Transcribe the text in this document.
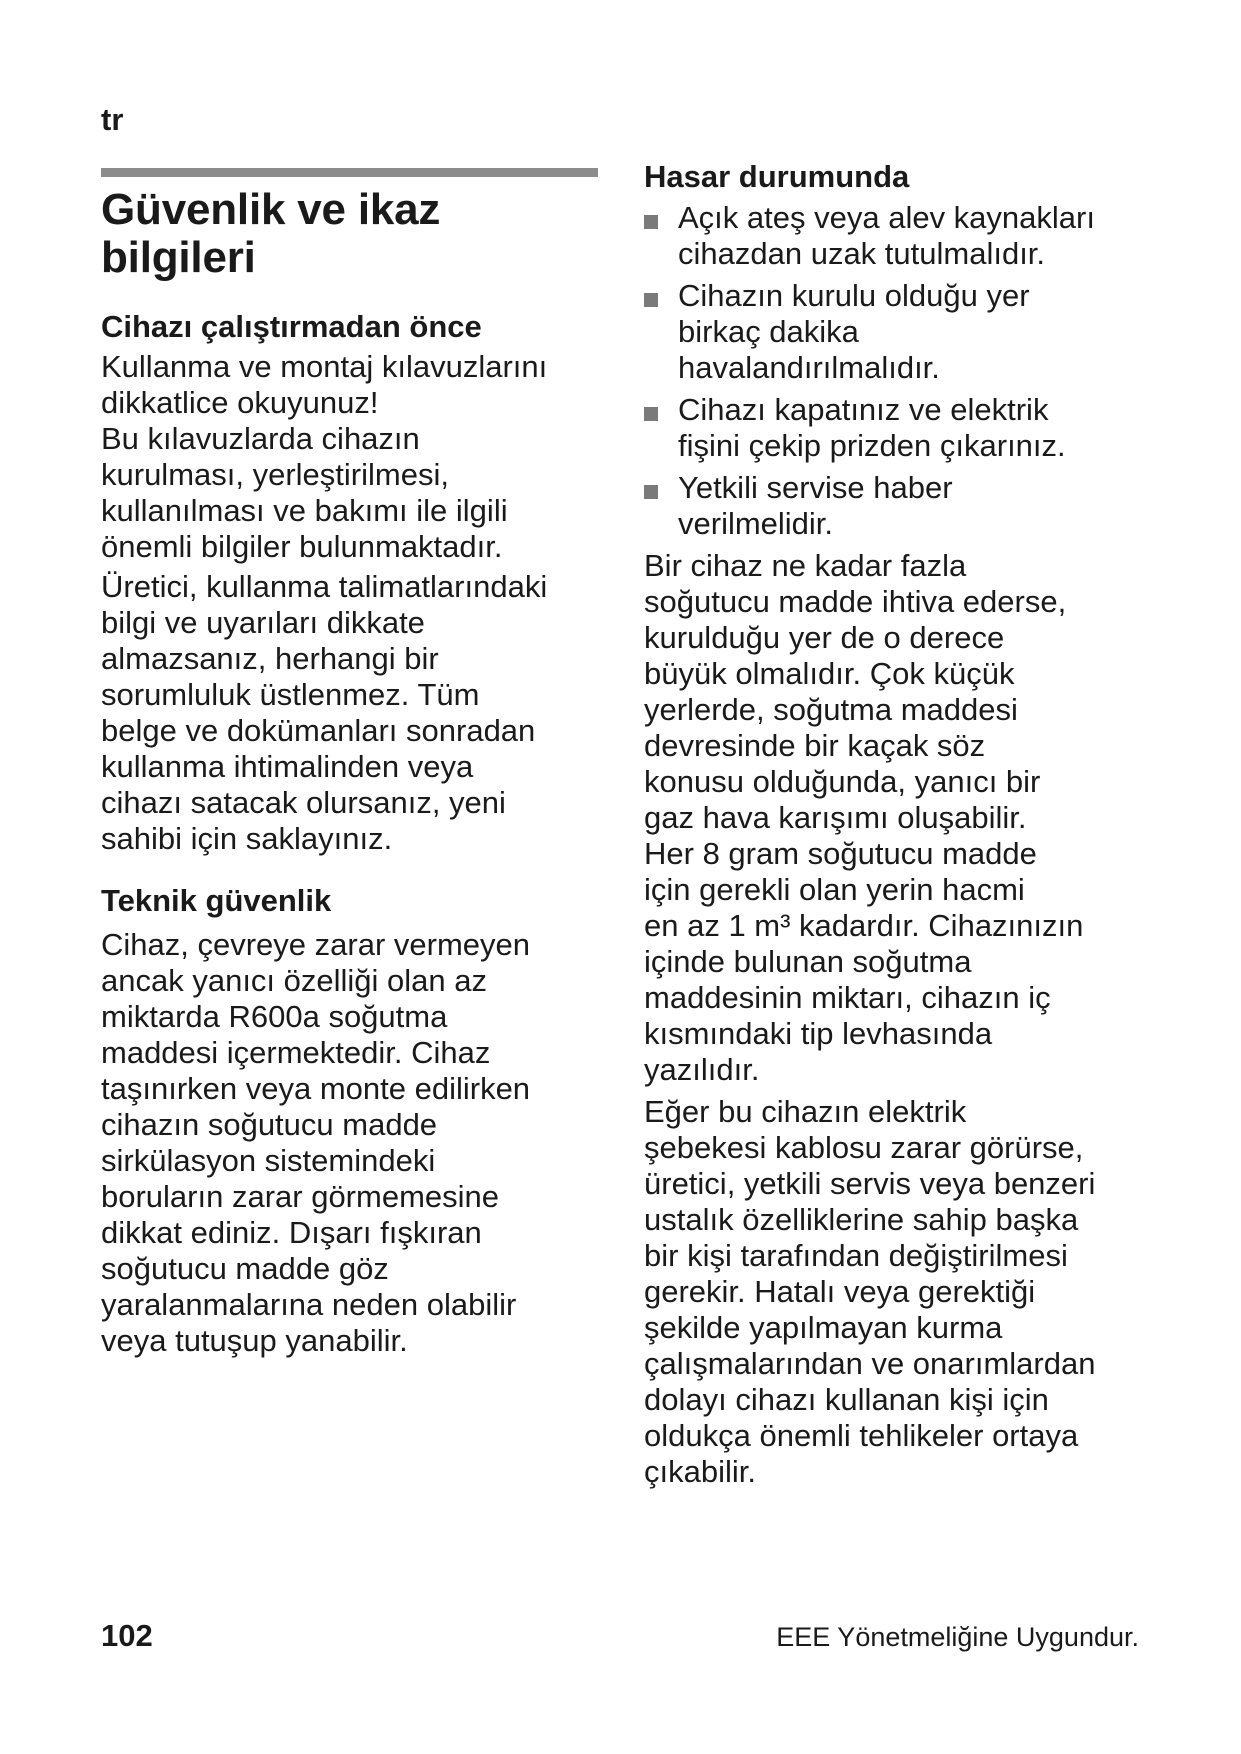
tr
Güvenlik ve ikaz
bilgileri
Cihazı çalıştırmadan önce

Kullanma ve montaj kılavuzlarını
dikkatlice okuyunuz!
Bu kılavuzlarda cihazın
kurulması, yerleştirilmesi,
kullanılması ve bakımı ile ilgili
önemli bilgiler bulunmaktadır.

Üretici, kullanma talimatlarındaki
bilgi ve uyarıları dikkate
almazsanız, herhangi bir
sorumluluk üstlenmez. Tüm
belge ve dokümanları sonradan
kullanma ihtimalinden veya
cihazı satacak olursanız, yeni
sahibi için saklayınız.

Teknik güvenlik

Cihaz, çevreye zarar vermeyen
ancak yanıcı özelliği olan az
miktarda R600a soğutma
maddesi içermektedir. Cihaz
taşınırken veya monte edilirken
cihazın soğutucu madde
sirkülasyon sistemindeki
boruların zarar görmemesine
dikkat ediniz. Dışarı fışkıran
soğutucu madde göz
yaralanmalarına neden olabilir
veya tutuşup yanabilir.

Hasar durumunda
Açık ateş veya alev kaynakları
cihazdan uzak tutulmalıdır.
Cihazın kurulu olduğu yer
birkaç dakika
havalandırılmalıdır.
Cihazı kapatınız ve elektrik
fişini çekip prizden çıkarınız.
Yetkili servise haber
verilmelidir.

Bir cihaz ne kadar fazla
soğutucu madde ihtiva ederse,
kurulduğu yer de o derece
büyük olmalıdır. Çok küçük
yerlerde, soğutma maddesi
devresinde bir kaçak söz
konusu olduğunda, yanıcı bir
gaz hava karışımı oluşabilir.
Her 8 gram soğutucu madde
için gerekli olan yerin hacmi
en az 1 m³ kadardır. Cihazınızın
içinde bulunan soğutma
maddesinin miktarı, cihazın iç
kısmındaki tip levhasında
yazılıdır.

Eğer bu cihazın elektrik
şebekesi kablosu zarar görürse,
üretici, yetkili servis veya benzeri
ustalık özelliklerine sahip başka
bir kişi tarafından değiştirilmesi
gerekir. Hatalı veya gerektiği
şekilde yapılmayan kurma
çalışmalarından ve onarımlardan
dolayı cihazı kullanan kişi için
oldukça önemli tehlikeler ortaya
çıkabilir.

102	EEE Yönetmeliğine Uygundur.
